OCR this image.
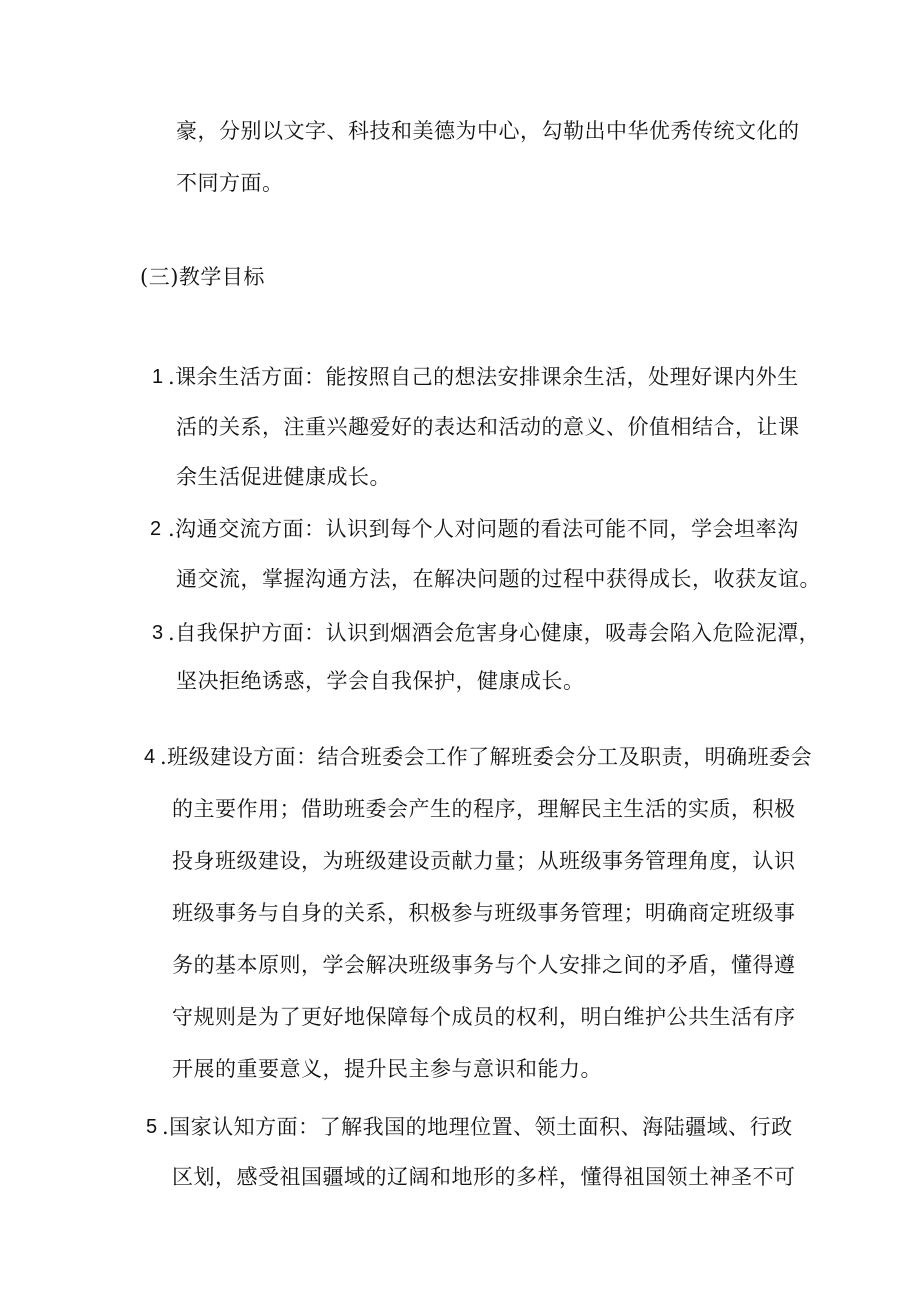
豪，分别以文字、科技和美德为中心，勾勒出中华优秀传统文化的
不同方面。
(三)教学目标
1 .课余生活方面：能按照自己的想法安排课余生活，处理好课内外生
活的关系，注重兴趣爱好的表达和活动的意义、价值相结合，让课
余生活促进健康成长。
2 .沟通交流方面：认识到每个人对问题的看法可能不同，学会坦率沟
通交流，掌握沟通方法，在解决问题的过程中获得成长，收获友谊。
3 .自我保护方面：认识到烟酒会危害身心健康，吸毒会陷入危险泥潭，
坚决拒绝诱惑，学会自我保护，健康成长。
4 .班级建设方面：结合班委会工作了解班委会分工及职责，明确班委会
的主要作用；借助班委会产生的程序，理解民主生活的实质，积极
投身班级建设，为班级建设贡献力量；从班级事务管理角度，认识
班级事务与自身的关系，积极参与班级事务管理；明确商定班级事
务的基本原则，学会解决班级事务与个人安排之间的矛盾，懂得遵
守规则是为了更好地保障每个成员的权利，明白维护公共生活有序
开展的重要意义，提升民主参与意识和能力。
5 .国家认知方面：了解我国的地理位置、领土面积、海陆疆域、行政
区划，感受祖国疆域的辽阔和地形的多样，懂得祖国领土神圣不可
